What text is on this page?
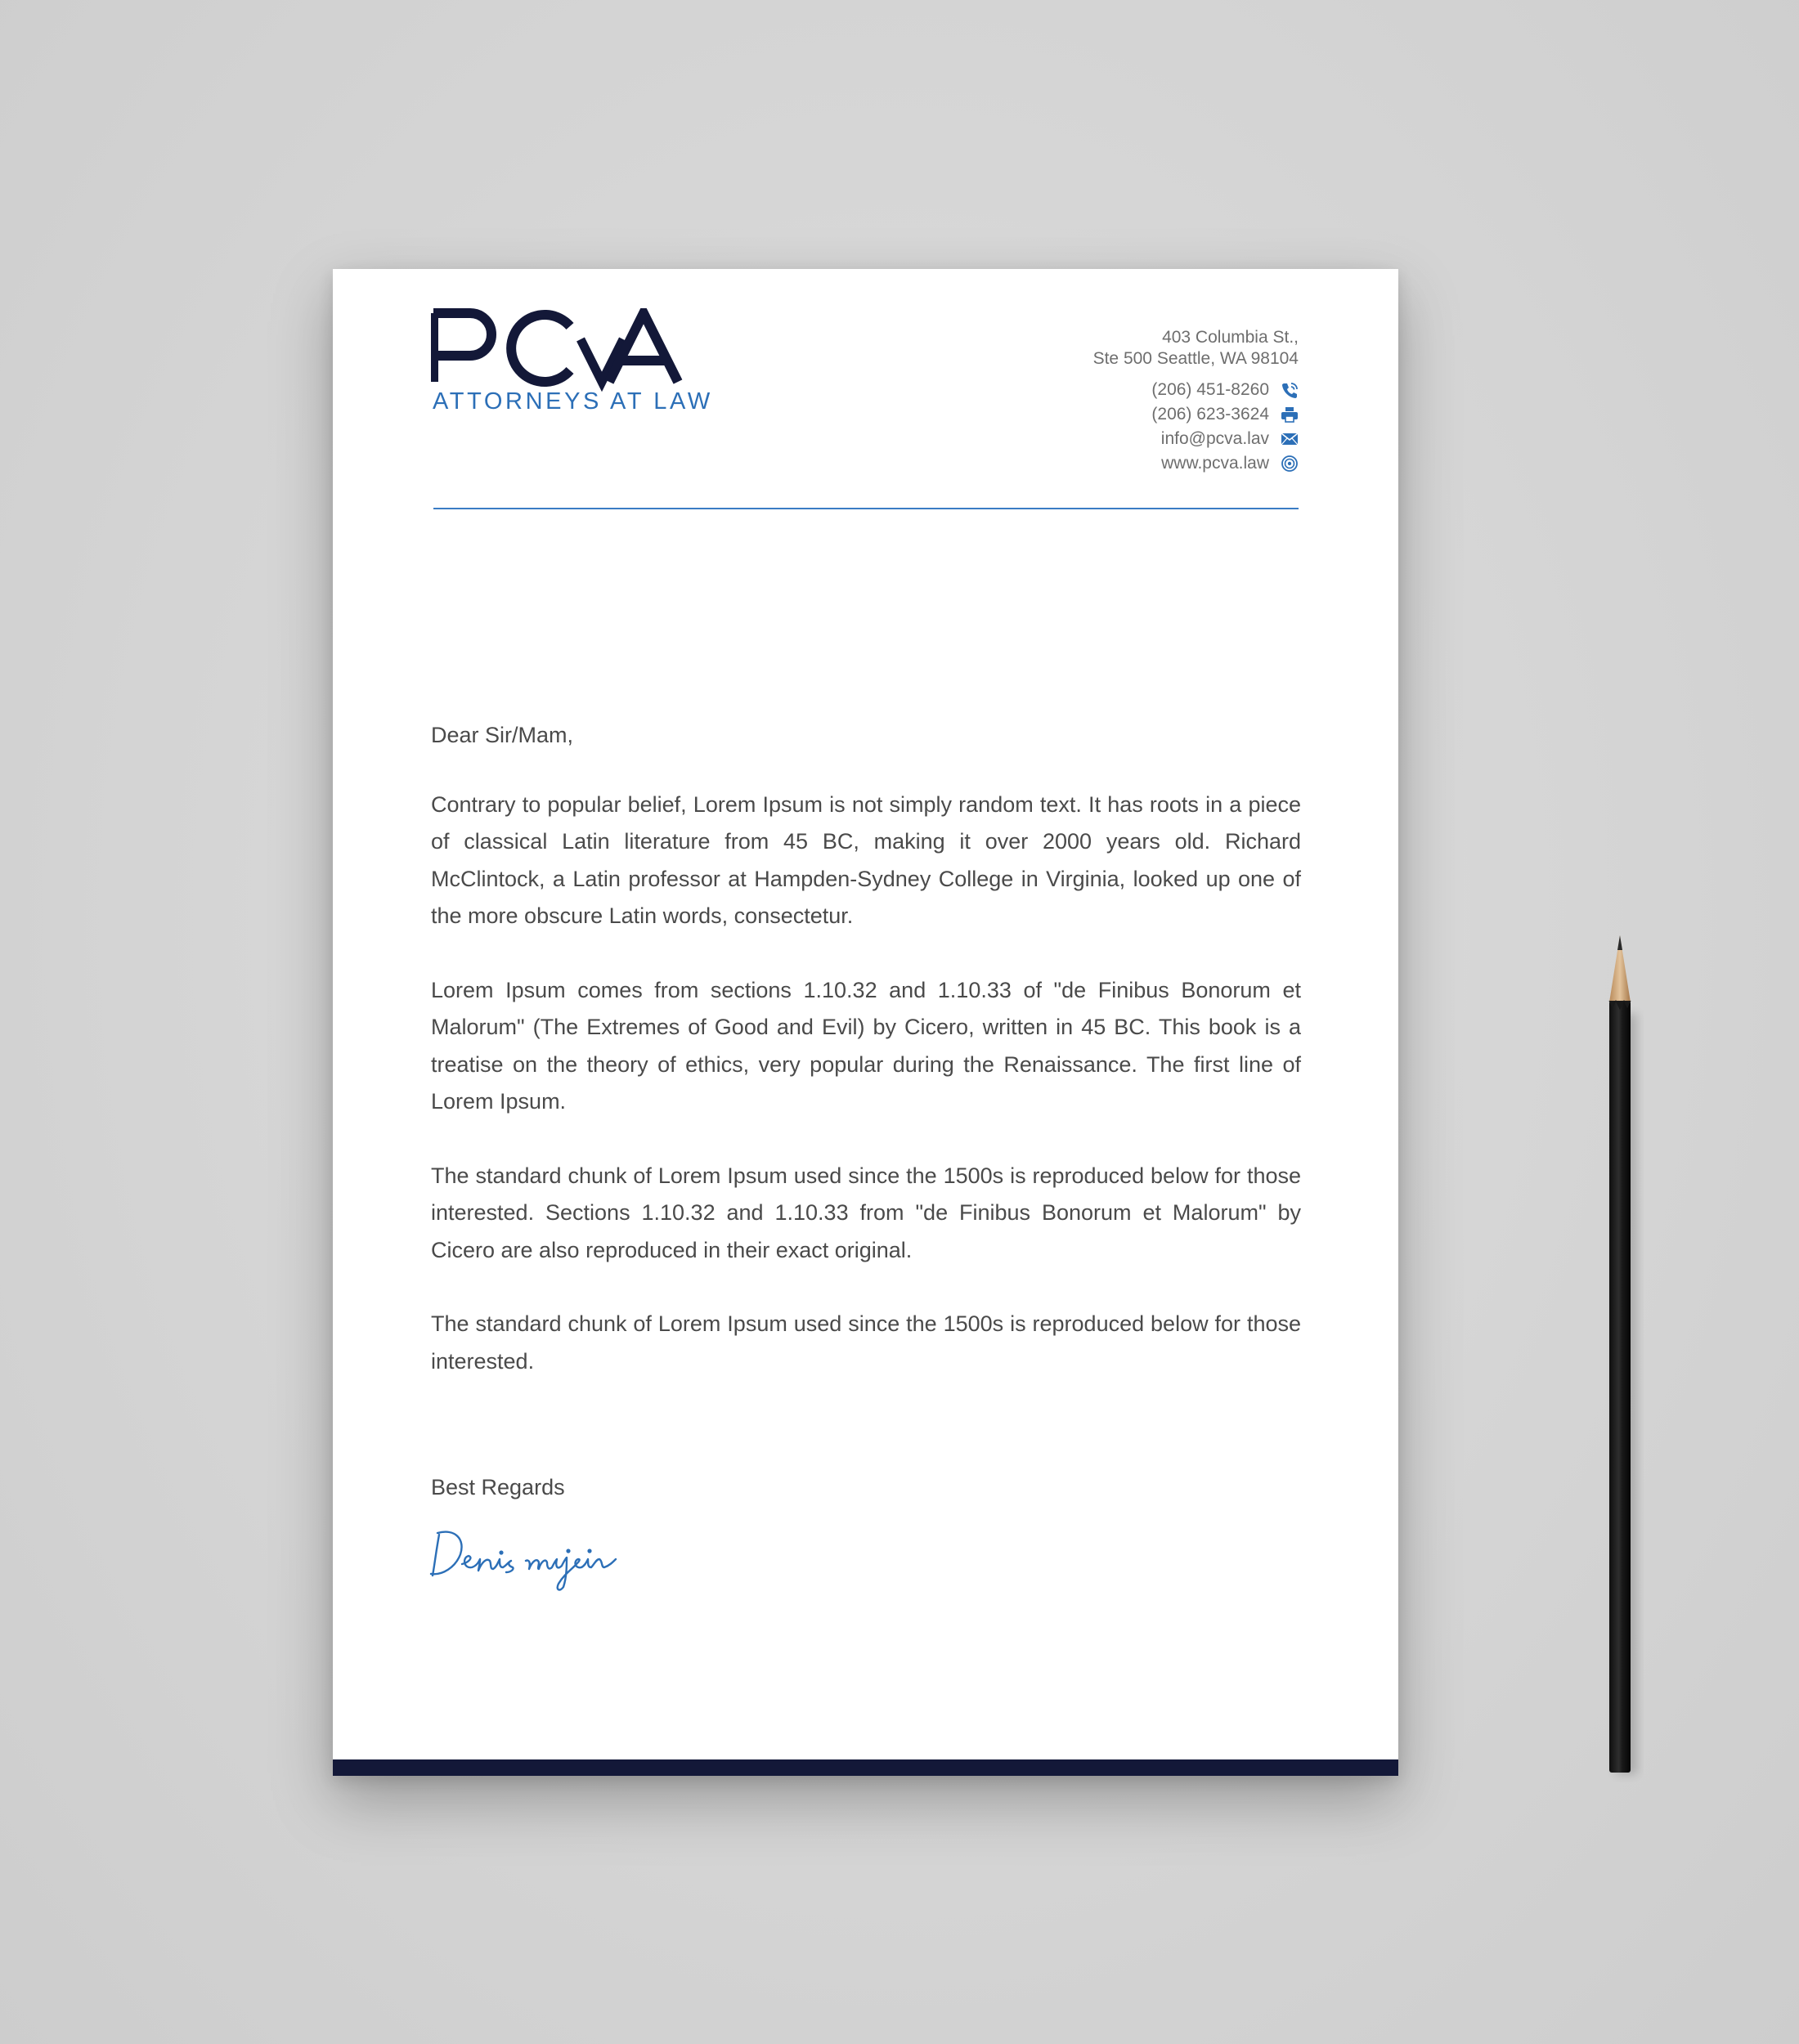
ATTORNEYS AT LAW
403 Columbia St.,
Ste 500 Seattle, WA 98104
(206) 451-8260
(206) 623-3624
info@pcva.lav
www.pcva.law

Dear Sir/Mam,

Contrary to popular belief, Lorem Ipsum is not simply random text. It has roots in a piece of classical Latin literature from 45 BC, making it over 2000 years old. Richard McClintock, a Latin professor at Hampden-Sydney College in Virginia, looked up one of the more obscure Latin words, consectetur.

Lorem Ipsum comes from sections 1.10.32 and 1.10.33 of "de Finibus Bonorum et Malorum" (The Extremes of Good and Evil) by Cicero, written in 45 BC. This book is a treatise on the theory of ethics, very popular during the Renaissance. The first line of Lorem Ipsum.

The standard chunk of Lorem Ipsum used since the 1500s is reproduced below for those interested. Sections 1.10.32 and 1.10.33 from "de Finibus Bonorum et Malorum" by Cicero are also reproduced in their exact original.

The standard chunk of Lorem Ipsum used since the 1500s is reproduced below for those interested.

Best Regards
